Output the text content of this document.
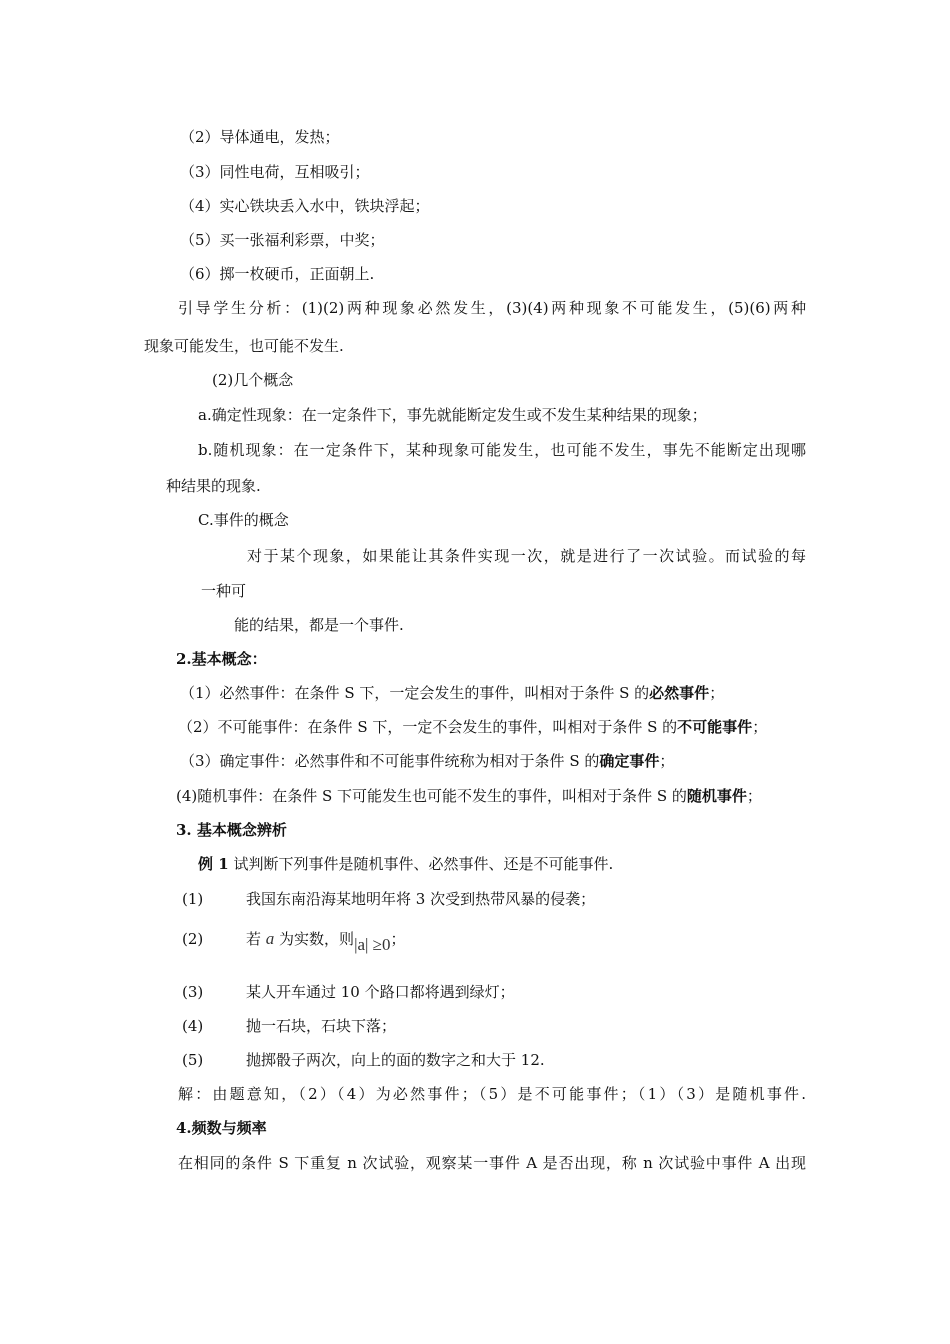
（2）导体通电，发热；
（3）同性电荷，互相吸引；
（4）实心铁块丢入水中，铁块浮起；
（5）买一张福利彩票，中奖；
（6）掷一枚硬币，正面朝上.
引导学生分析：(1)(2)两种现象必然发生，(3)(4)两种现象不可能发生，(5)(6)两种
现象可能发生，也可能不发生.
(2)几个概念
a.确定性现象：在一定条件下，事先就能断定发生或不发生某种结果的现象；
b.随机现象：在一定条件下，某种现象可能发生，也可能不发生，事先不能断定出现哪
种结果的现象.
C.事件的概念
对于某个现象，如果能让其条件实现一次，就是进行了一次试验。而试验的每
一种可
能的结果，都是一个事件.
2.基本概念：
（1）必然事件：在条件 S 下，一定会发生的事件，叫相对于条件 S 的必然事件；
（2）不可能事件：在条件 S 下，一定不会发生的事件，叫相对于条件 S 的不可能事件；
（3）确定事件：必然事件和不可能事件统称为相对于条件 S 的确定事件；
(4)随机事件：在条件 S 下可能发生也可能不发生的事件，叫相对于条件 S 的随机事件；
3. 基本概念辨析
例 1 试判断下列事件是随机事件、必然事件、还是不可能事件.
(1)	我国东南沿海某地明年将 3 次受到热带风暴的侵袭；
(2)	若 a 为实数，则|a| ≥0；
(3)	某人开车通过 10 个路口都将遇到绿灯；
(4)	抛一石块，石块下落；
(5)	抛掷骰子两次，向上的面的数字之和大于 12.
解：由题意知，（2）（4）为必然事件；（5）是不可能事件；（1）（3）是随机事件.
4.频数与频率
在相同的条件 S 下重复 n 次试验，观察某一事件 A 是否出现，称 n 次试验中事件 A 出现
